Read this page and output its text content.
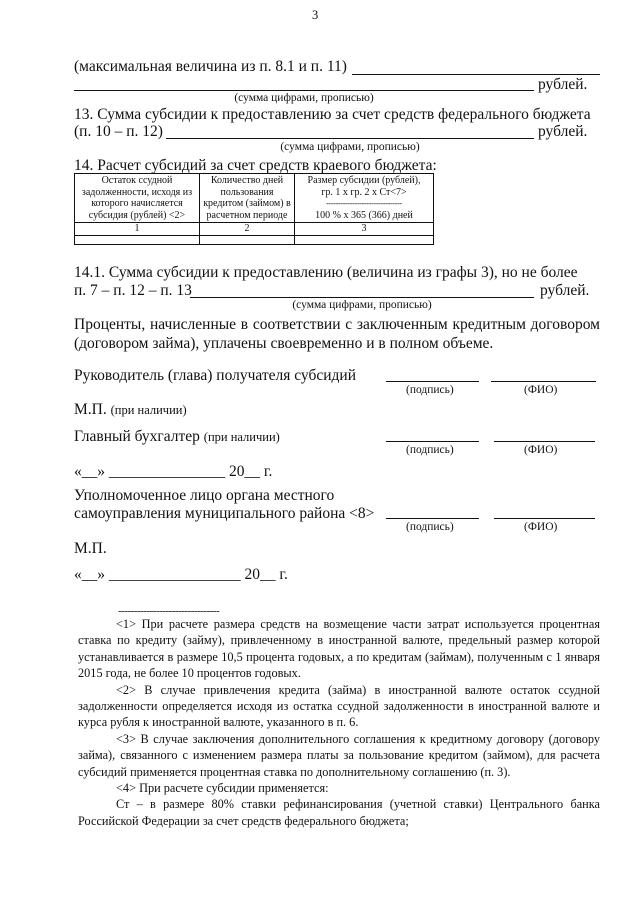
3
(максимальная величина из п. 8.1 и п. 11)
рублей.
(сумма цифрами, прописью)
13. Сумма субсидии к предоставлению за счет средств федерального бюджета
(п. 10 – п. 12)	рублей.
(сумма цифрами, прописью)
14. Расчет субсидий за счет средств краевого бюджета:
Остаток ссудной задолженности, исходя из которого начисляется субсидия (рублей) <2>	Количество дней пользования кредитом (займом) в расчетном периоде	Размер субсидии (рублей),
гр. 1 x гр. 2 x Ст<7>
--------------------------------
100 % x 365 (366) дней

1	2	3

14.1. Сумма субсидии к предоставлению (величина из графы 3), но не более
п. 7 – п. 12 – п. 13	рублей.
(сумма цифрами, прописью)
Проценты, начисленные в соответствии с заключенным кредитным договором (договором займа), уплачены своевременно и в полном объеме.
Руководитель (глава) получателя субсидий
(подпись)	(ФИО)
М.П. (при наличии)
Главный бухгалтер (при наличии)
(подпись)	(ФИО)
«__» _______________ 20__ г.
Уполномоченное лицо органа местного
самоуправления муниципального района <8>
(подпись)	(ФИО)
М.П.
«__» _________________ 20__ г.
--------------------------------

<1> При расчете размера средств на возмещение части затрат используется процентная ставка по кредиту (займу), привлеченному в иностранной валюте, предельный размер которой устанавливается в размере 10,5 процента годовых, а по кредитам (займам), полученным с 1 января 2015 года, не более 10 процентов годовых.

<2> В случае привлечения кредита (займа) в иностранной валюте остаток ссудной задолженности определяется исходя из остатка ссудной задолженности в иностранной валюте и курса рубля к иностранной валюте, указанного в п. 6.

<3> В случае заключения дополнительного соглашения к кредитному договору (договору займа), связанного с изменением размера платы за пользование кредитом (займом), для расчета субсидий применяется процентная ставка по дополнительному соглашению (п. 3).

<4> При расчете субсидии применяется:

Ст – в размере 80% ставки рефинансирования (учетной ставки) Центрального банка Российской Федерации за счет средств федерального бюджета;
